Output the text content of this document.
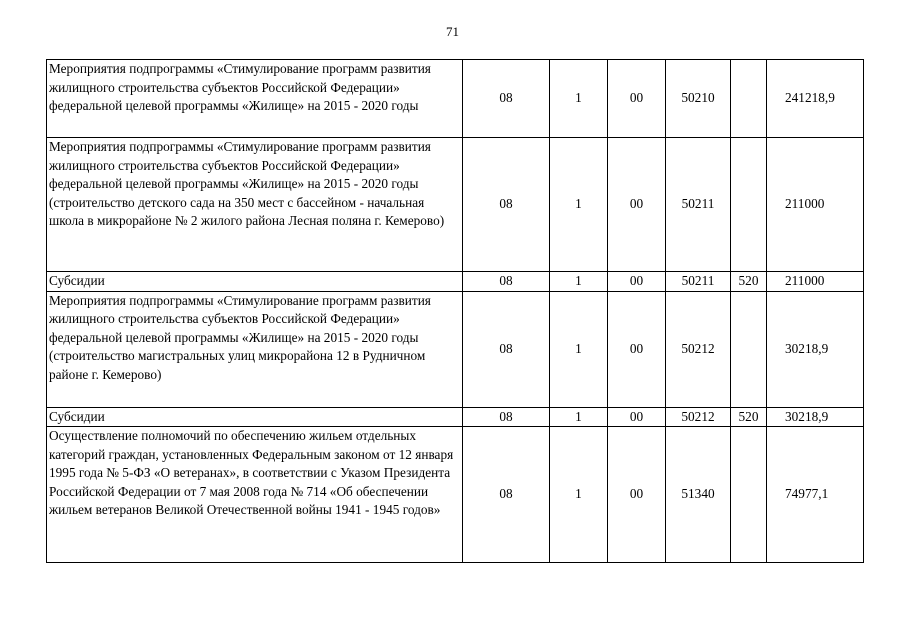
71
Мероприятия подпрограммы «Стимулирование программ развития жилищного строительства субъектов Российской Федерации» федеральной целевой программы «Жилище» на 2015 - 2020 годы	08	1	00	50210		241218,9
Мероприятия подпрограммы «Стимулирование программ развития жилищного строительства субъектов Российской Федерации» федеральной целевой программы «Жилище» на 2015 - 2020 годы (строительство детского сада на 350 мест с бассейном - начальная школа в микрорайоне № 2 жилого района Лесная поляна г. Кемерово)	08	1	00	50211		211000
Субсидии	08	1	00	50211	520	211000
Мероприятия подпрограммы «Стимулирование программ развития жилищного строительства субъектов Российской Федерации» федеральной целевой программы «Жилище» на 2015 - 2020 годы (строительство магистральных улиц микрорайона 12 в Рудничном районе г. Кемерово)	08	1	00	50212		30218,9
Субсидии	08	1	00	50212	520	30218,9
Осуществление полномочий по обеспечению жильем отдельных категорий граждан, установленных Федеральным законом от 12 января 1995 года № 5-ФЗ «О ветеранах», в соответствии с Указом Президента Российской Федерации от 7 мая 2008 года № 714 «Об обеспечении жильем ветеранов Великой Отечественной войны 1941 - 1945 годов»	08	1	00	51340		74977,1
